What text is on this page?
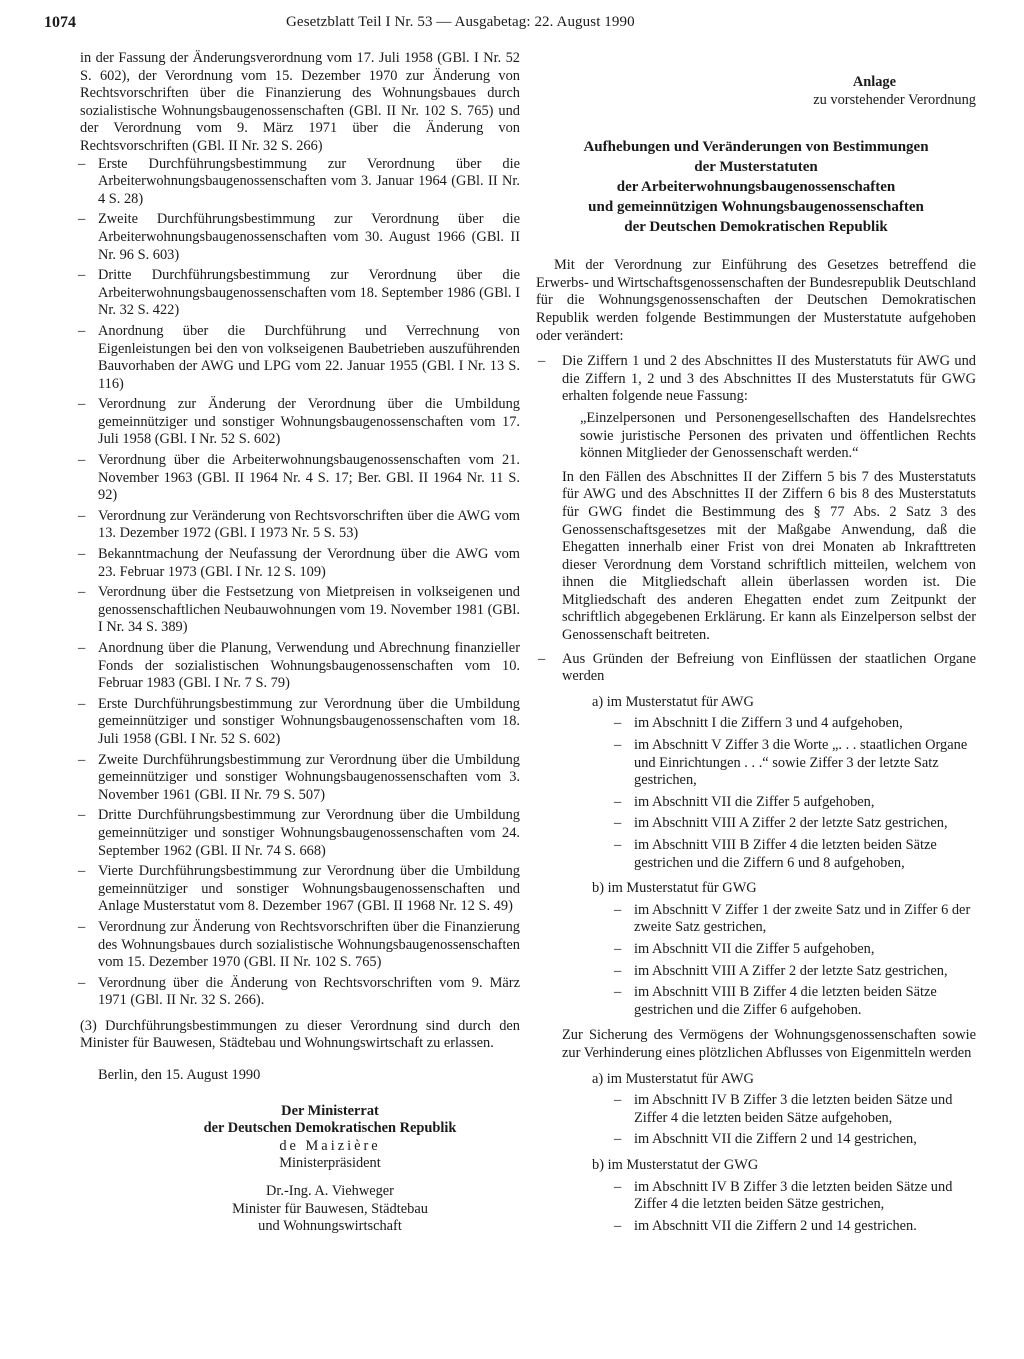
1074	Gesetzblatt Teil I Nr. 53 — Ausgabetag: 22. August 1990

in der Fassung der Änderungsverordnung vom 17. Juli 1958 (GBl. I Nr. 52 S. 602), der Verordnung vom 15. Dezember 1970 zur Änderung von Rechtsvorschriften über die Finanzierung des Wohnungsbaues durch sozialistische Wohnungsbaugenossenschaften (GBl. II Nr. 102 S. 765) und der Verordnung vom 9. März 1971 über die Änderung von Rechtsvorschriften (GBl. II Nr. 32 S. 266)

– Erste Durchführungsbestimmung zur Verordnung über die Arbeiterwohnungsbaugenossenschaften vom 3. Januar 1964 (GBl. II Nr. 4 S. 28)
– Zweite Durchführungsbestimmung zur Verordnung über die Arbeiterwohnungsbaugenossenschaften vom 30. August 1966 (GBl. II Nr. 96 S. 603)
– Dritte Durchführungsbestimmung zur Verordnung über die Arbeiterwohnungsbaugenossenschaften vom 18. September 1986 (GBl. I Nr. 32 S. 422)
– Anordnung über die Durchführung und Verrechnung von Eigenleistungen bei den von volkseigenen Baubetrieben auszuführenden Bauvorhaben der AWG und LPG vom 22. Januar 1955 (GBl. I Nr. 13 S. 116)
– Verordnung zur Änderung der Verordnung über die Umbildung gemeinnütziger und sonstiger Wohnungsbaugenossenschaften vom 17. Juli 1958 (GBl. I Nr. 52 S. 602)
– Verordnung über die Arbeiterwohnungsbaugenossenschaften vom 21. November 1963 (GBl. II 1964 Nr. 4 S. 17; Ber. GBl. II 1964 Nr. 11 S. 92)
– Verordnung zur Veränderung von Rechtsvorschriften über die AWG vom 13. Dezember 1972 (GBl. I 1973 Nr. 5 S. 53)
– Bekanntmachung der Neufassung der Verordnung über die AWG vom 23. Februar 1973 (GBl. I Nr. 12 S. 109)
– Verordnung über die Festsetzung von Mietpreisen in volkseigenen und genossenschaftlichen Neubauwohnungen vom 19. November 1981 (GBl. I Nr. 34 S. 389)
– Anordnung über die Planung, Verwendung und Abrechnung finanzieller Fonds der sozialistischen Wohnungsbaugenossenschaften vom 10. Februar 1983 (GBl. I Nr. 7 S. 79)
– Erste Durchführungsbestimmung zur Verordnung über die Umbildung gemeinnütziger und sonstiger Wohnungsbaugenossenschaften vom 18. Juli 1958 (GBl. I Nr. 52 S. 602)
– Zweite Durchführungsbestimmung zur Verordnung über die Umbildung gemeinnütziger und sonstiger Wohnungsbaugenossenschaften vom 3. November 1961 (GBl. II Nr. 79 S. 507)
– Dritte Durchführungsbestimmung zur Verordnung über die Umbildung gemeinnütziger und sonstiger Wohnungsbaugenossenschaften vom 24. September 1962 (GBl. II Nr. 74 S. 668)
– Vierte Durchführungsbestimmung zur Verordnung über die Umbildung gemeinnütziger und sonstiger Wohnungsbaugenossenschaften und Anlage Musterstatut vom 8. Dezember 1967 (GBl. II 1968 Nr. 12 S. 49)
– Verordnung zur Änderung von Rechtsvorschriften über die Finanzierung des Wohnungsbaues durch sozialistische Wohnungsbaugenossenschaften vom 15. Dezember 1970 (GBl. II Nr. 102 S. 765)
– Verordnung über die Änderung von Rechtsvorschriften vom 9. März 1971 (GBl. II Nr. 32 S. 266).

(3) Durchführungsbestimmungen zu dieser Verordnung sind durch den Minister für Bauwesen, Städtebau und Wohnungswirtschaft zu erlassen.

Berlin, den 15. August 1990

Der Ministerrat
der Deutschen Demokratischen Republik
de Maizière
Ministerpräsident
Dr.-Ing. A. Viehweger
Minister für Bauwesen, Städtebau
und Wohnungswirtschaft
Anlage
zu vorstehender Verordnung
Aufhebungen und Veränderungen von Bestimmungen
der Musterstatuten
der Arbeiterwohnungsbaugenossenschaften
und gemeinnützigen Wohnungsbaugenossenschaften
der Deutschen Demokratischen Republik

Mit der Verordnung zur Einführung des Gesetzes betreffend die Erwerbs- und Wirtschaftsgenossenschaften der Bundesrepublik Deutschland für die Wohnungsgenossenschaften der Deutschen Demokratischen Republik werden folgende Bestimmungen der Musterstatute aufgehoben oder verändert:

– Die Ziffern 1 und 2 des Abschnittes II des Musterstatuts für AWG und die Ziffern 1, 2 und 3 des Abschnittes II des Musterstatuts für GWG erhalten folgende neue Fassung:

„Einzelpersonen und Personengesellschaften des Handelsrechtes sowie juristische Personen des privaten und öffentlichen Rechts können Mitglieder der Genossenschaft werden.“

In den Fällen des Abschnittes II der Ziffern 5 bis 7 des Musterstatuts für AWG und des Abschnittes II der Ziffern 6 bis 8 des Musterstatuts für GWG findet die Bestimmung des § 77 Abs. 2 Satz 3 des Genossenschaftsgesetzes mit der Maßgabe Anwendung, daß die Ehegatten innerhalb einer Frist von drei Monaten ab Inkrafttreten dieser Verordnung dem Vorstand schriftlich mitteilen, welchem von ihnen die Mitgliedschaft allein überlassen worden ist. Die Mitgliedschaft des anderen Ehegatten endet zum Zeitpunkt der schriftlich abgegebenen Erklärung. Er kann als Einzelperson selbst der Genossenschaft beitreten.

– Aus Gründen der Befreiung von Einflüssen der staatlichen Organe werden

a) im Musterstatut für AWG
– im Abschnitt I die Ziffern 3 und 4 aufgehoben,
– im Abschnitt V Ziffer 3 die Worte „. . . staatlichen Organe und Einrichtungen . . .“ sowie Ziffer 3 der letzte Satz gestrichen,
– im Abschnitt VII die Ziffer 5 aufgehoben,
– im Abschnitt VIII A Ziffer 2 der letzte Satz gestrichen,
– im Abschnitt VIII B Ziffer 4 die letzten beiden Sätze gestrichen und die Ziffern 6 und 8 aufgehoben,
b) im Musterstatut für GWG
– im Abschnitt V Ziffer 1 der zweite Satz und in Ziffer 6 der zweite Satz gestrichen,
– im Abschnitt VII die Ziffer 5 aufgehoben,
– im Abschnitt VIII A Ziffer 2 der letzte Satz gestrichen,
– im Abschnitt VIII B Ziffer 4 die letzten beiden Sätze gestrichen und die Ziffer 6 aufgehoben.

Zur Sicherung des Vermögens der Wohnungsgenossenschaften sowie zur Verhinderung eines plötzlichen Abflusses von Eigenmitteln werden

a) im Musterstatut für AWG
– im Abschnitt IV B Ziffer 3 die letzten beiden Sätze und Ziffer 4 die letzten beiden Sätze aufgehoben,
– im Abschnitt VII die Ziffern 2 und 14 gestrichen,
b) im Musterstatut der GWG
– im Abschnitt IV B Ziffer 3 die letzten beiden Sätze und Ziffer 4 die letzten beiden Sätze gestrichen,
– im Abschnitt VII die Ziffern 2 und 14 gestrichen.
